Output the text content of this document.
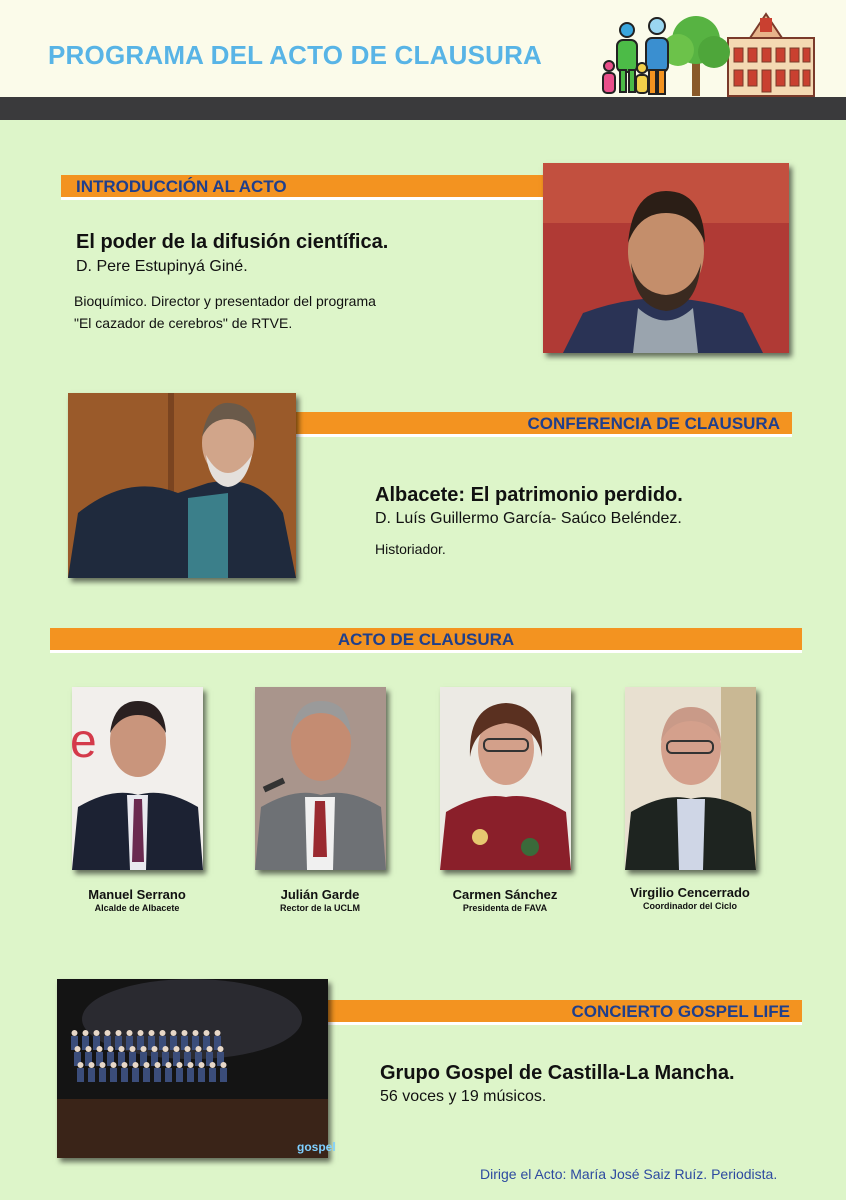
PROGRAMA DEL ACTO DE CLAUSURA
INTRODUCCIÓN AL ACTO
El poder de la difusión científica.
D. Pere Estupinyá Giné.
Bioquímico. Director y presentador del programa
"El cazador de cerebros" de RTVE.
CONFERENCIA DE CLAUSURA
Albacete: El patrimonio perdido.
D. Luís Guillermo García- Saúco Beléndez.
Historiador.
ACTO DE CLAUSURA
e
Manuel Serrano
Alcalde de Albacete
Julián Garde
Rector de la UCLM
Carmen Sánchez
Presidenta de FAVA
Virgilio Cencerrado
Coordinador del Ciclo
CONCIERTO GOSPEL LIFE
gospel
Grupo Gospel de Castilla-La Mancha.
56 voces y 19 músicos.
Dirige el Acto: María José Saiz Ruíz. Periodista.
